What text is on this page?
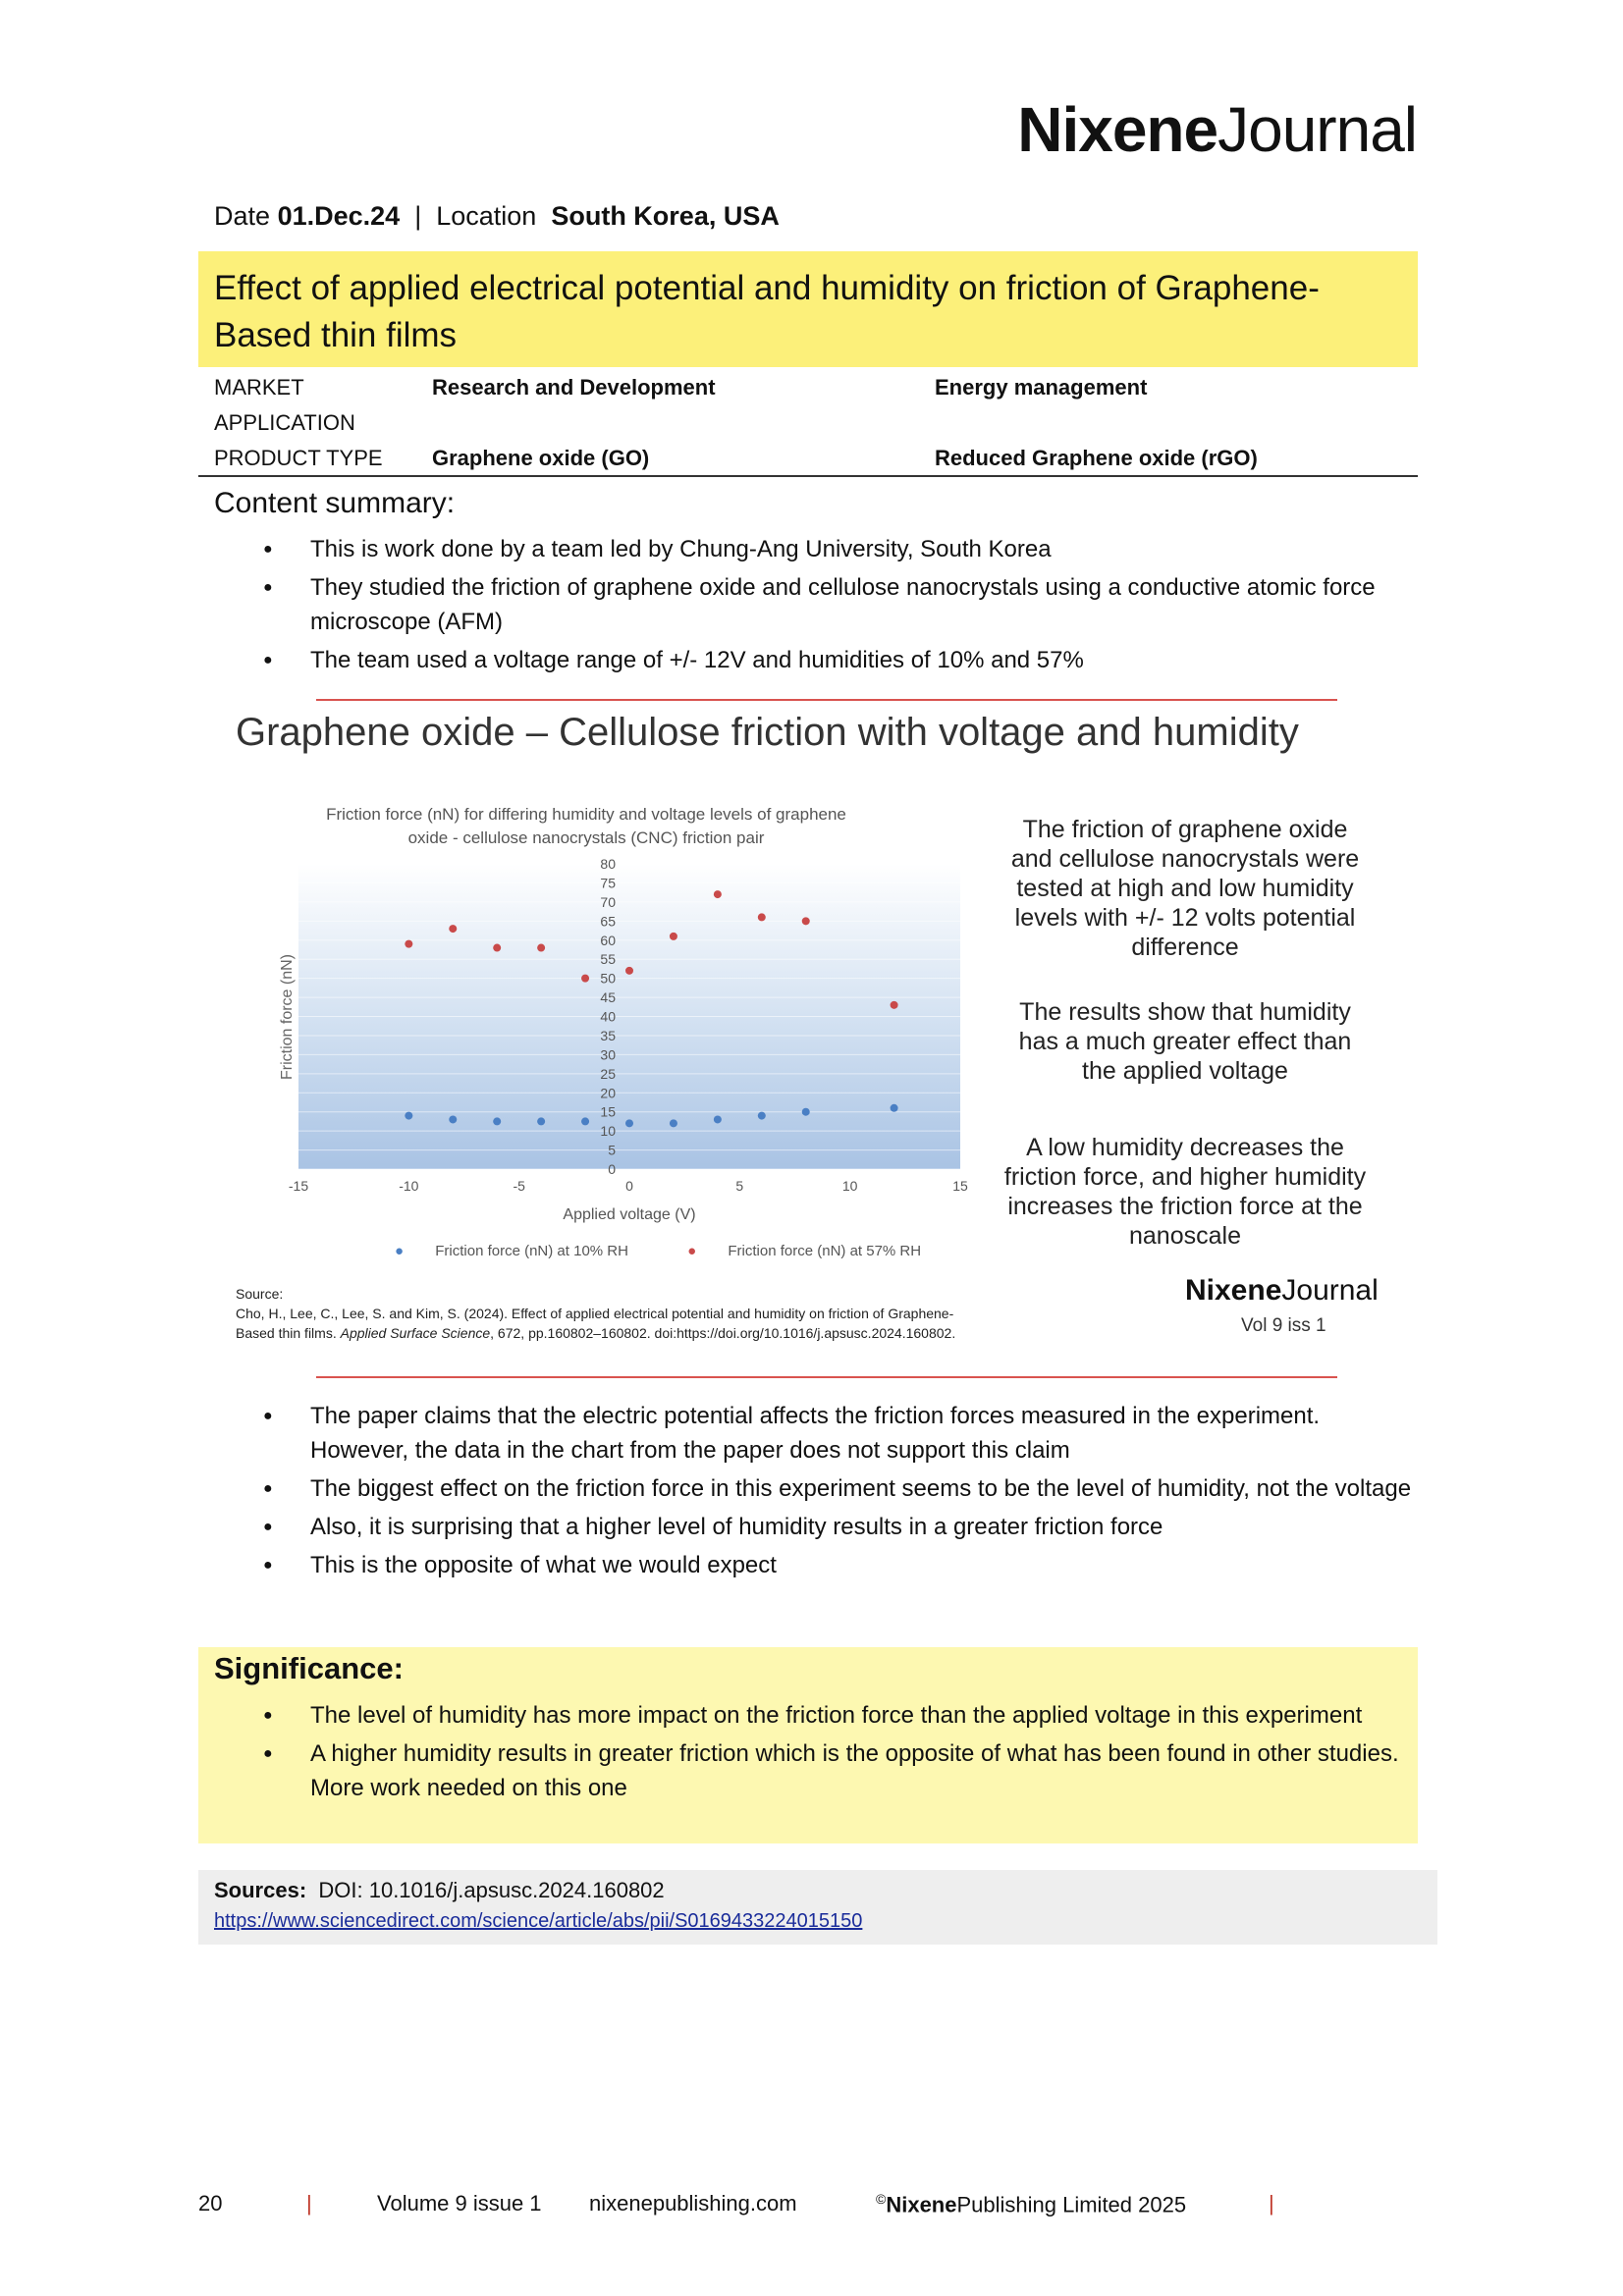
NixeneJournal
Date 01.Dec.24 | Location South Korea, USA
Effect of applied electrical potential and humidity on friction of Graphene-Based thin films
MARKET	Research and Development	Energy management
APPLICATION
PRODUCT TYPE Graphene oxide (GO)	Reduced Graphene oxide (rGO)
Content summary:
● This is work done by a team led by Chung-Ang University, South Korea
● They studied the friction of graphene oxide and cellulose nanocrystals using a conductive atomic force microscope (AFM)
● The team used a voltage range of +/- 12V and humidities of 10% and 57%
Graphene oxide – Cellulose friction with voltage and humidity
Friction force (nN) for differing humidity and voltage levels of graphene oxide - cellulose nanocrystals (CNC) friction pair
0
5
10
15
20
25
30
35
40
45
50
55
60
65
70
75
80
-15	-10	-5	0	5	10	15
Friction force (nN)
Applied voltage (V)
● Friction force (nN) at 10% RH	● Friction force (nN) at 57% RH
The friction of graphene oxide and cellulose nanocrystals were tested at high and low humidity levels with +/- 12 volts potential difference
The results show that humidity has a much greater effect than the applied voltage
A low humidity decreases the friction force, and higher humidity increases the friction force at the nanoscale
Source:
Cho, H., Lee, C., Lee, S. and Kim, S. (2024). Effect of applied electrical potential and humidity on friction of Graphene-
Based thin films. Applied Surface Science, 672, pp.160802–160802. doi:https://doi.org/10.1016/j.apsusc.2024.160802.
NixeneJournal
Vol 9 iss 1
● The paper claims that the electric potential affects the friction forces measured in the experiment. However, the data in the chart from the paper does not support this claim
● The biggest effect on the friction force in this experiment seems to be the level of humidity, not the voltage
● Also, it is surprising that a higher level of humidity results in a greater friction force
● This is the opposite of what we would expect
Significance:
● The level of humidity has more impact on the friction force than the applied voltage in this experiment
● A higher humidity results in greater friction which is the opposite of what has been found in other studies. More work needed on this one
Sources: DOI: 10.1016/j.apsusc.2024.160802
https://www.sciencedirect.com/science/article/abs/pii/S0169433224015150
20	|	Volume 9 issue 1 nixenepublishing.com	©NixenePublishing Limited 2025	|
